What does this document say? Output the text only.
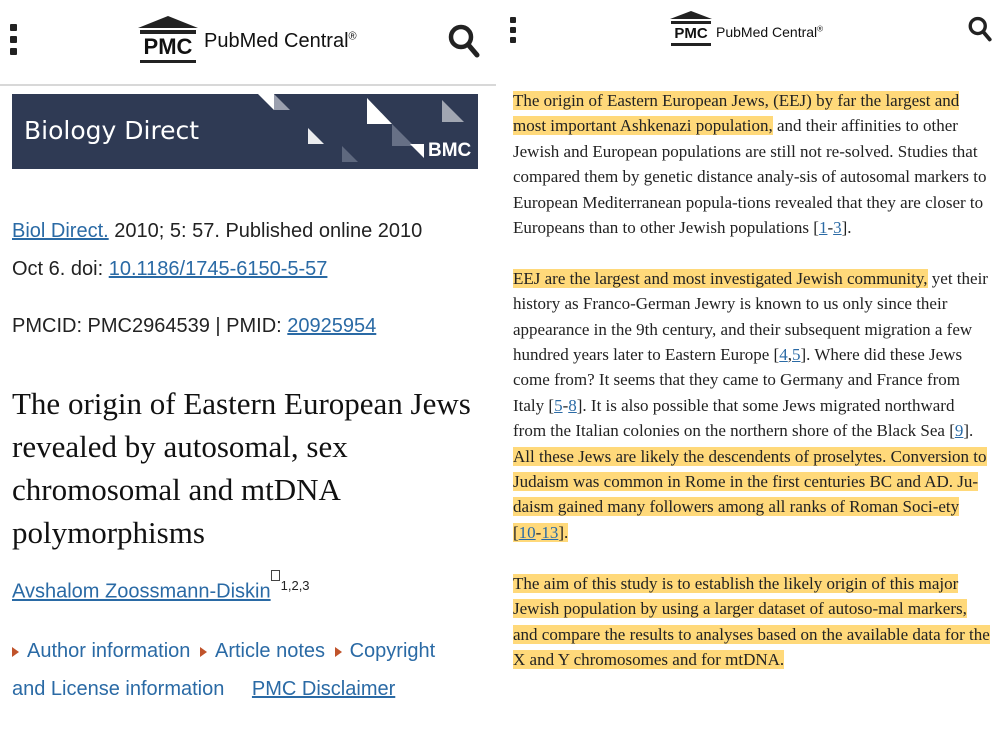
PMC PubMed Central®
Biology Direct
BMC
Biol Direct. 2010; 5: 57. Published online 2010
Oct 6. doi: 10.1186/1745-6150-5-57
PMCID: PMC2964539 | PMID: 20925954
The origin of Eastern European Jews revealed by autosomal, sex chromosomal and mtDNA polymorphisms
Avshalom Zoossmann-Diskin $^{1,2,3}$
Author information Article notes Copyright
and License information PMC Disclaimer
PMC PubMed Central®
The origin of Eastern European Jews, (EEJ) by far the largest and most important Ashkenazi population, and their affinities to other Jewish and European populations are still not re-solved. Studies that compared them by genetic distance analy-sis of autosomal markers to European Mediterranean popula-tions revealed that they are closer to Europeans than to other Jewish populations [1-3].
EEJ are the largest and most investigated Jewish community, yet their history as Franco-German Jewry is known to us only since their appearance in the 9th century, and their subsequent migration a few hundred years later to Eastern Europe [4,5]. Where did these Jews come from? It seems that they came to Germany and France from Italy [5-8]. It is also possible that some Jews migrated northward from the Italian colonies on the northern shore of the Black Sea [9]. All these Jews are likely the descendents of proselytes. Conversion to Judaism was common in Rome in the first centuries BC and AD. Ju-daism gained many followers among all ranks of Roman Soci-ety [10-13].
The aim of this study is to establish the likely origin of this major Jewish population by using a larger dataset of autoso-mal markers, and compare the results to analyses based on the available data for the X and Y chromosomes and for mtDNA.
